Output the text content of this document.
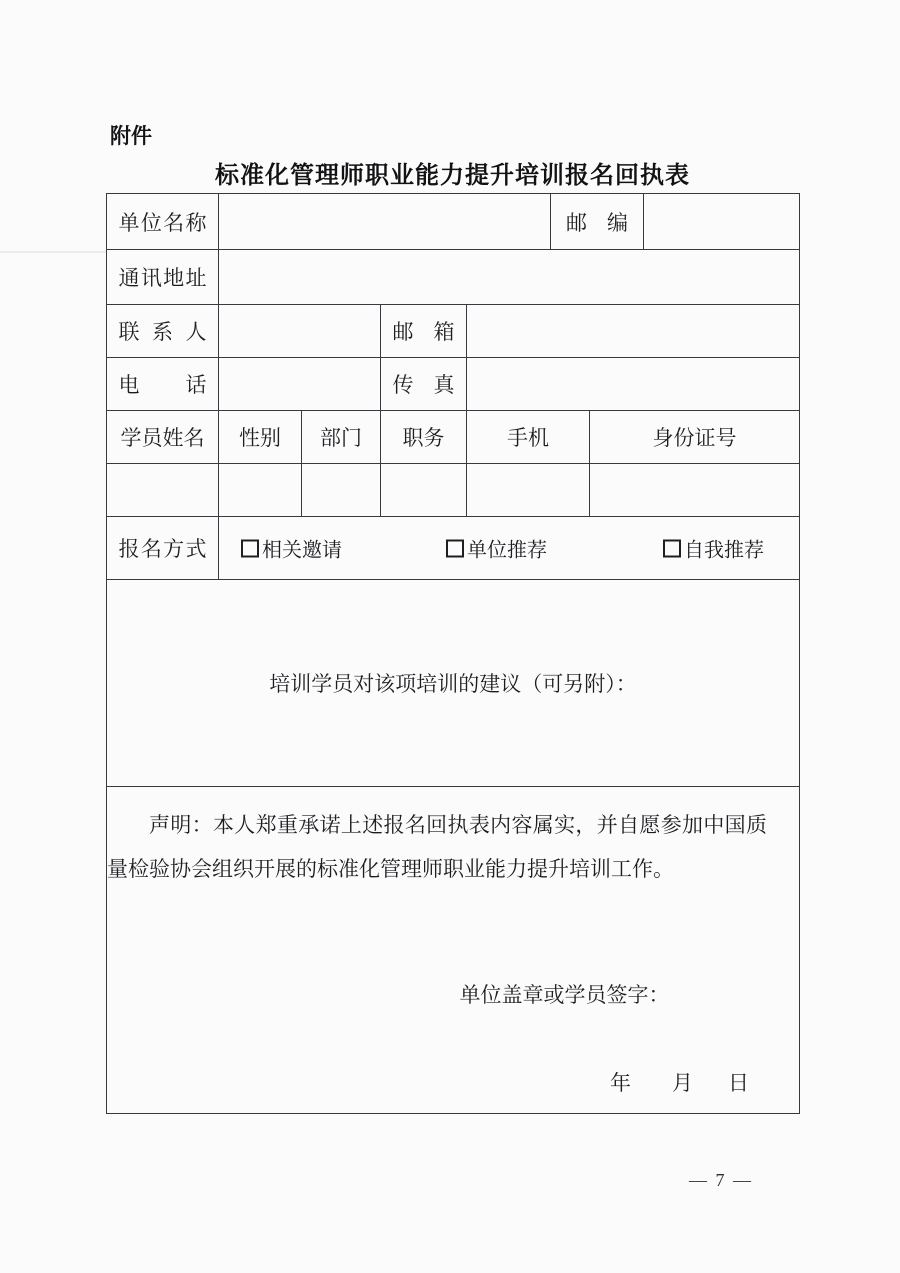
附件
标准化管理师职业能力提升培训报名回执表
单位名称					邮编		
通讯地址							
联系人			邮箱				
电话			传真				
学员姓名	性别	部门	职务	手机		身份证号	

报名方式	相关邀请 单位推荐 自我推荐						

培训学员对该项培训的建议（可另附）：							

声明：本人郑重承诺上述报名回执表内容属实，并自愿参加中国质量检验协会组织开展的标准化管理师职业能力提升培训工作。

单位盖章或学员签字：
年 月 日							
— 7 —
